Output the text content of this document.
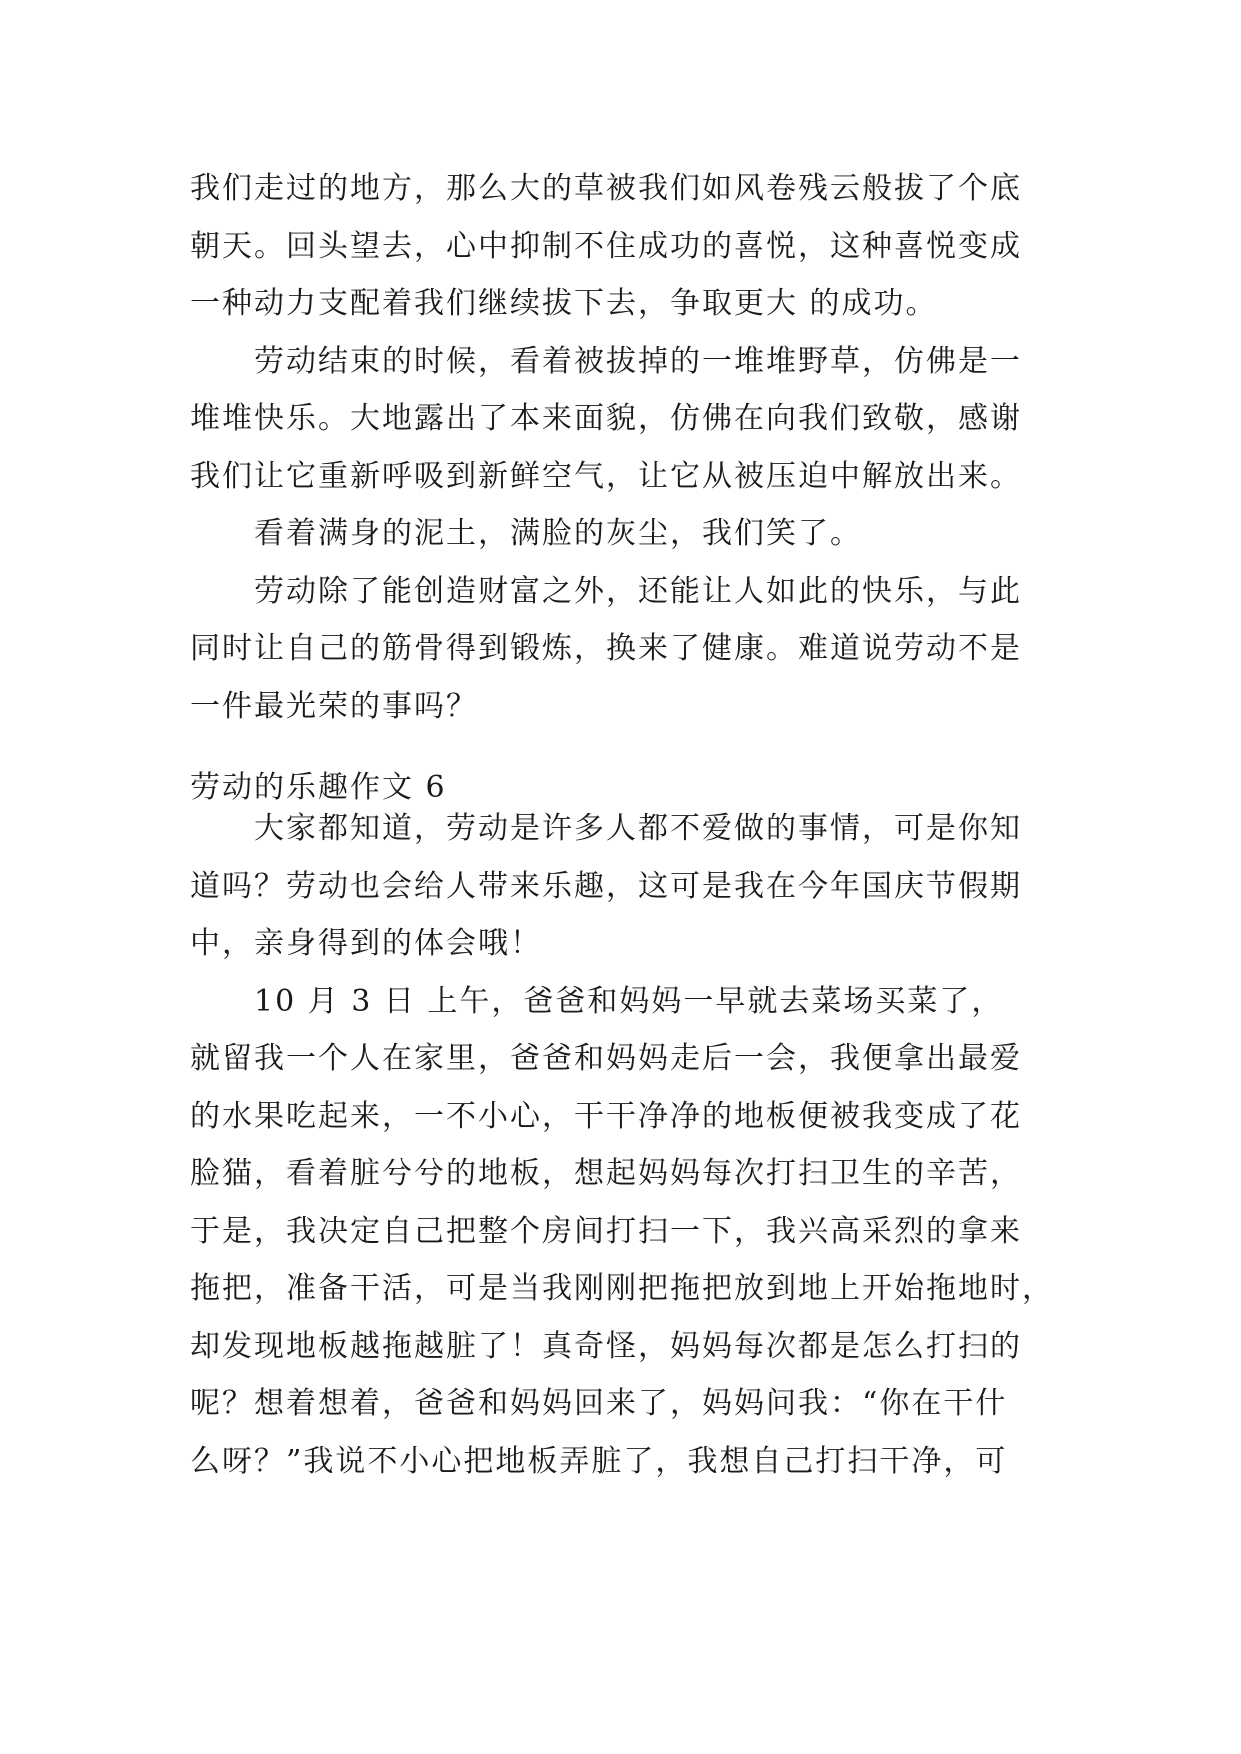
我们走过的地方，那么大的草被我们如风卷残云般拔了个底
朝天。回头望去，心中抑制不住成功的喜悦，这种喜悦变成
一种动力支配着我们继续拔下去，争取更大 的成功。
劳动结束的时候，看着被拔掉的一堆堆野草，仿佛是一
堆堆快乐。大地露出了本来面貌，仿佛在向我们致敬，感谢
我们让它重新呼吸到新鲜空气，让它从被压迫中解放出来。
看着满身的泥土，满脸的灰尘，我们笑了。
劳动除了能创造财富之外，还能让人如此的快乐，与此
同时让自己的筋骨得到锻炼，换来了健康。难道说劳动不是
一件最光荣的事吗？
劳动的乐趣作文 6
大家都知道，劳动是许多人都不爱做的事情，可是你知
道吗？劳动也会给人带来乐趣，这可是我在今年国庆节假期
中，亲身得到的体会哦！
10 月 3 日 上午，爸爸和妈妈一早就去菜场买菜了，
就留我一个人在家里，爸爸和妈妈走后一会，我便拿出最爱
的水果吃起来，一不小心，干干净净的地板便被我变成了花
脸猫，看着脏兮兮的地板，想起妈妈每次打扫卫生的辛苦，
于是，我决定自己把整个房间打扫一下，我兴高采烈的拿来
拖把，准备干活，可是当我刚刚把拖把放到地上开始拖地时，
却发现地板越拖越脏了！真奇怪，妈妈每次都是怎么打扫的
呢？想着想着，爸爸和妈妈回来了，妈妈问我：“你在干什
么呀？”我说不小心把地板弄脏了，我想自己打扫干净，可
